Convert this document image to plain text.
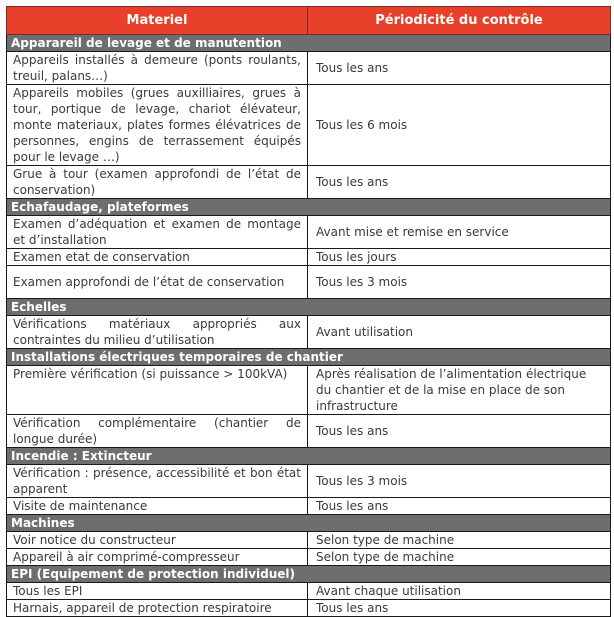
Materiel	Périodicité du contrôle
Apparareil de levage et de manutention	
Appareils installés à demeure (ponts roulants, treuil, palans…)	Tous les ans
Appareils mobiles (grues auxilliaires, grues à tour, portique de levage, chariot élévateur, monte materiaux, plates formes élévatrices de personnes, engins de terrassement équipés pour le levage …)	Tous les 6 mois
Grue à tour (examen approfondi de l’état de conservation)	Tous les ans
Echafaudage, plateformes	
Examen d’adéquation et examen de montage et d’installation	Avant mise et remise en service
Examen etat de conservation	Tous les jours
Examen approfondi de l’état de conservation	Tous les 3 mois
Echelles	
Vérifications matériaux appropriés aux contraintes du milieu d’utilisation	Avant utilisation
Installations électriques temporaires de chantier	
Première vérification (si puissance > 100kVA)	Après réalisation de l’alimentation électrique du chantier et de la mise en place de son infrastructure
Vérification complémentaire (chantier de longue durée)	Tous les ans
Incendie : Extincteur	
Vérification : présence, accessibilité et bon état apparent	Tous les 3 mois
Visite de maintenance	Tous les ans
Machines	
Voir notice du constructeur	Selon type de machine
Appareil à air comprimé-compresseur	Selon type de machine
EPI (Equipement de protection individuel)	
Tous les EPI	Avant chaque utilisation
Harnais, appareil de protection respiratoire	Tous les ans
